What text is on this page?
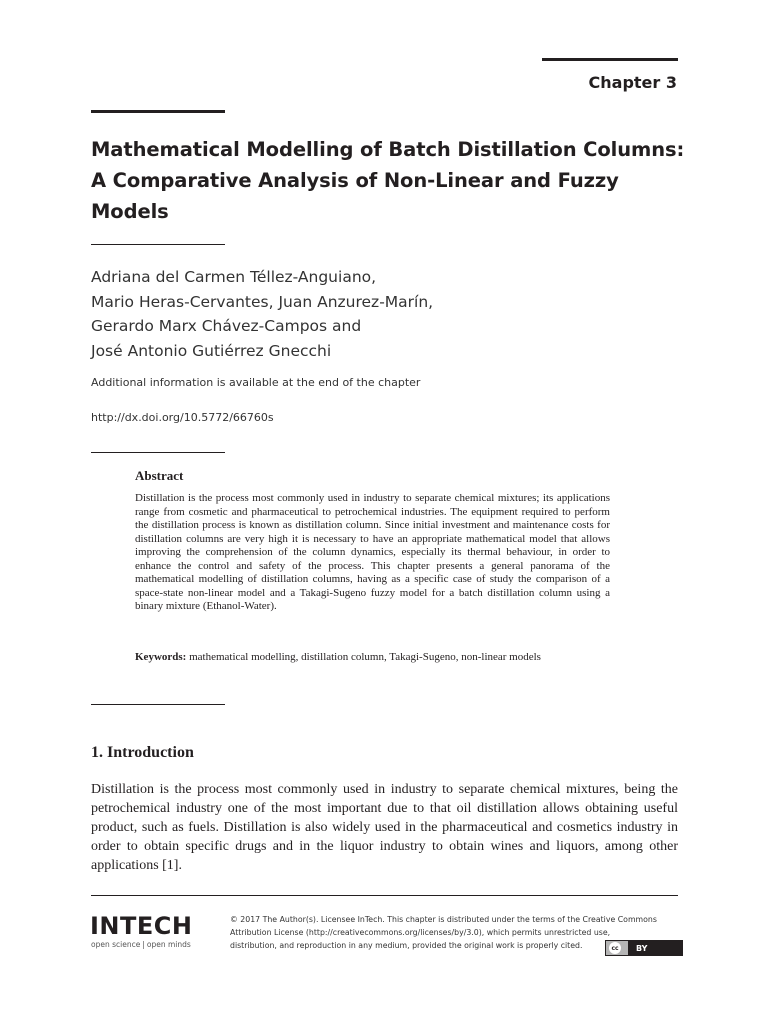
Chapter 3
Mathematical Modelling of Batch Distillation Columns:
A Comparative Analysis of Non-Linear and Fuzzy
Models
Adriana del Carmen Téllez-Anguiano,
Mario Heras-Cervantes, Juan Anzurez-Marín,
Gerardo Marx Chávez-Campos and
José Antonio Gutiérrez Gnecchi
Additional information is available at the end of the chapter
http://dx.doi.org/10.5772/66760s
Abstract
Distillation is the process most commonly used in industry to separate chemical mixtures; its applications range from cosmetic and pharmaceutical to petrochemical industries. The equipment required to perform the distillation process is known as distillation column. Since initial investment and maintenance costs for distillation columns are very high it is necessary to have an appropriate mathematical model that allows improving the comprehension of the column dynamics, especially its thermal behaviour, in order to enhance the control and safety of the process. This chapter presents a general panorama of the mathematical modelling of distillation columns, having as a specific case of study the comparison of a space-state non-linear model and a Takagi-Sugeno fuzzy model for a batch distillation column using a binary mixture (Ethanol-Water).
Keywords: mathematical modelling, distillation column, Takagi-Sugeno, non-linear models
1. Introduction
Distillation is the process most commonly used in industry to separate chemical mixtures, being the petrochemical industry one of the most important due to that oil distillation allows obtaining useful product, such as fuels. Distillation is also widely used in the pharmaceutical and cosmetics industry in order to obtain specific drugs and in the liquor industry to obtain wines and liquors, among other applications [1].
INTECH
open science | open minds
© 2017 The Author(s). Licensee InTech. This chapter is distributed under the terms of the Creative Commons
Attribution License (http://creativecommons.org/licenses/by/3.0), which permits unrestricted use,
distribution, and reproduction in any medium, provided the original work is properly cited.	cc	BY
